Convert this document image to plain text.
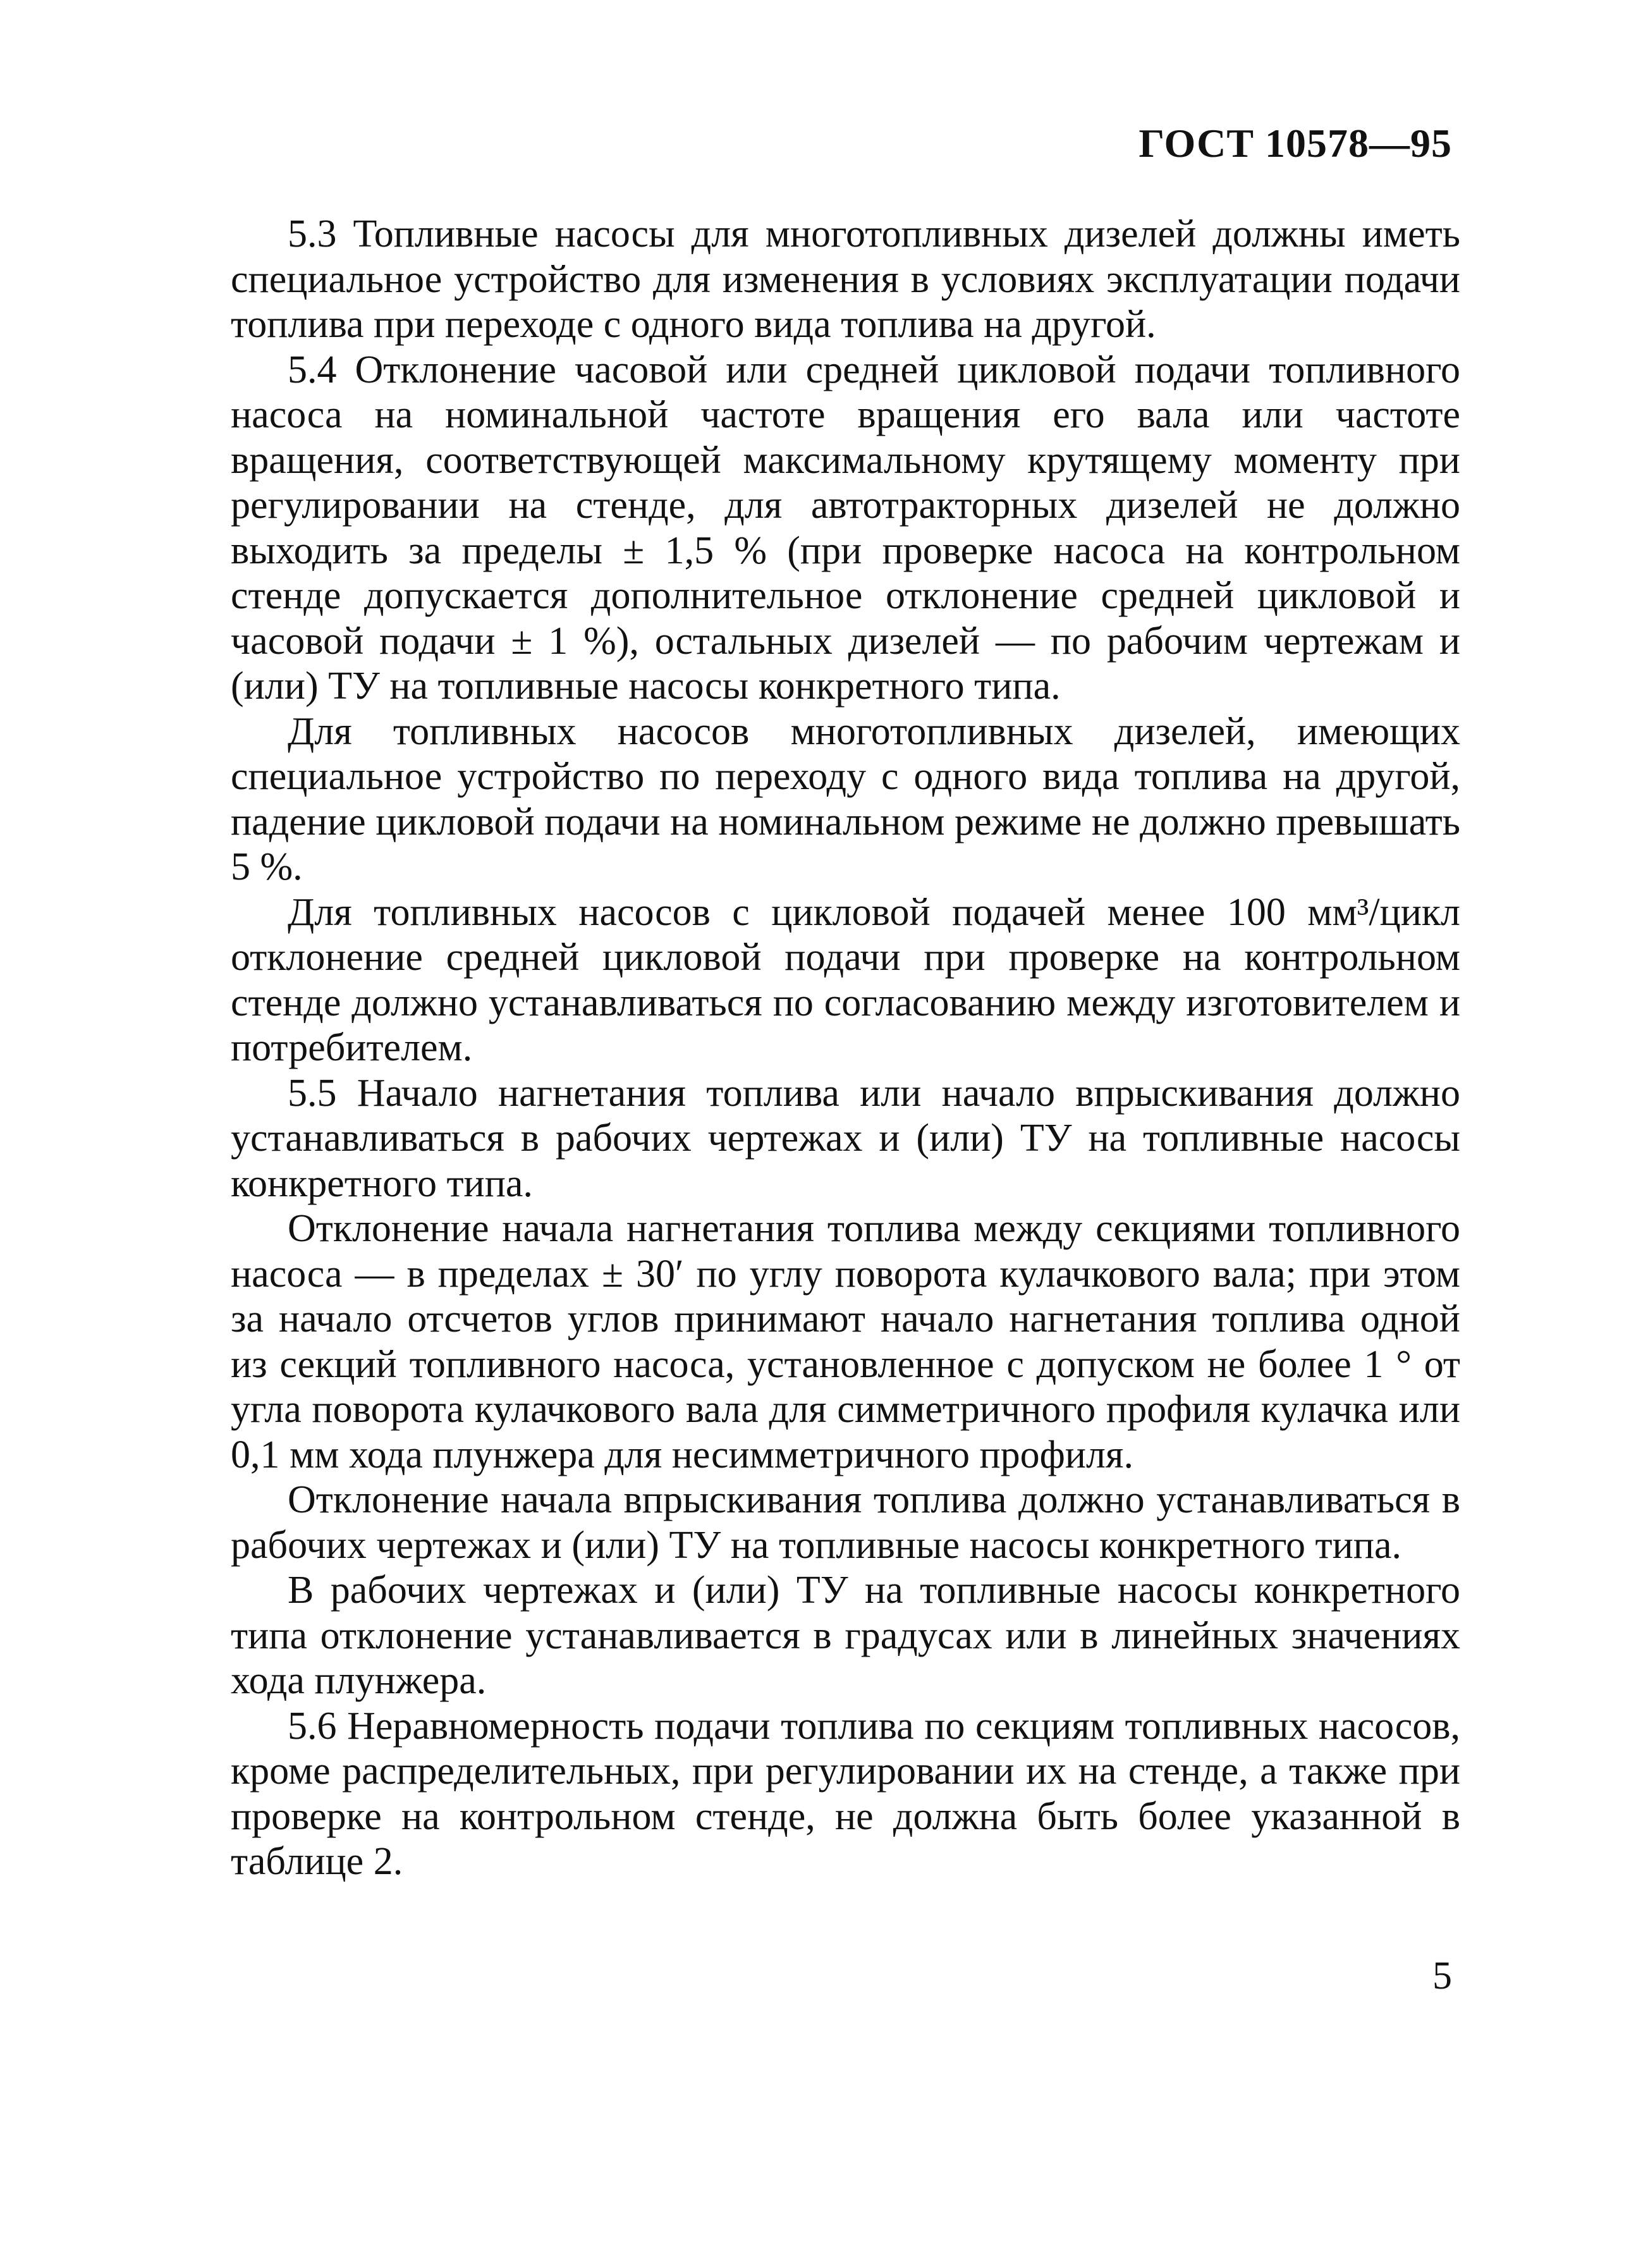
ГОСТ 10578—95

5.3 Топливные насосы для многотопливных дизелей должны иметь специальное устройство для изменения в условиях эксплуатации подачи топлива при переходе с одного вида топлива на другой.

5.4 Отклонение часовой или средней цикловой подачи топливного насоса на номинальной частоте вращения его вала или частоте вращения, соответствующей максимальному крутящему моменту при регулировании на стенде, для автотракторных дизелей не должно выходить за пределы ± 1,5 % (при проверке насоса на контрольном стенде допускается дополнительное отклонение средней цикловой и часовой подачи ± 1 %), остальных дизелей — по рабочим чертежам и (или) ТУ на топливные насосы конкретного типа.

Для топливных насосов многотопливных дизелей, имеющих специальное устройство по переходу с одного вида топлива на другой, падение цикловой подачи на номинальном режиме не должно превышать 5 %.

Для топливных насосов с цикловой подачей менее 100 мм³/цикл отклонение средней цикловой подачи при проверке на контрольном стенде должно устанавливаться по согласованию между изготовителем и потребителем.

5.5 Начало нагнетания топлива или начало впрыскивания должно устанавливаться в рабочих чертежах и (или) ТУ на топливные насосы конкретного типа.

Отклонение начала нагнетания топлива между секциями топливного насоса — в пределах ± 30′ по углу поворота кулачкового вала; при этом за начало отсчетов углов принимают начало нагнетания топлива одной из секций топливного насоса, установленное с допуском не более 1 ° от угла поворота кулачкового вала для симметричного профиля кулачка или 0,1 мм хода плунжера для несимметричного профиля.

Отклонение начала впрыскивания топлива должно устанавливаться в рабочих чертежах и (или) ТУ на топливные насосы конкретного типа.

В рабочих чертежах и (или) ТУ на топливные насосы конкретного типа отклонение устанавливается в градусах или в линейных значениях хода плунжера.

5.6 Неравномерность подачи топлива по секциям топливных насосов, кроме распределительных, при регулировании их на стенде, а также при проверке на контрольном стенде, не должна быть более указанной в таблице 2.

5
